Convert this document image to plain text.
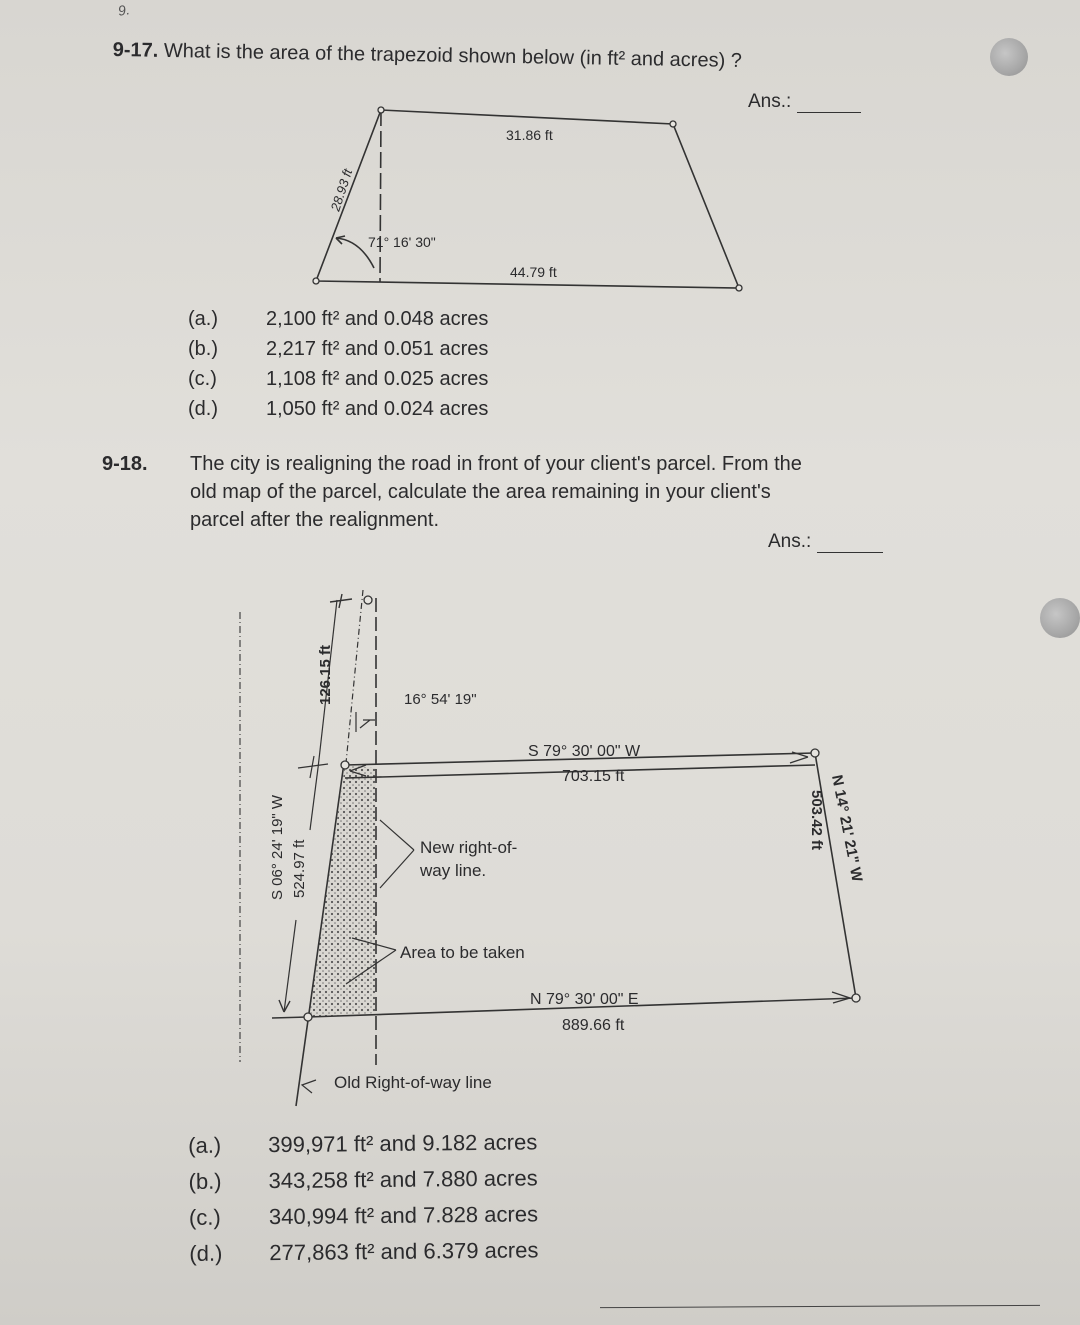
9.
9-17. What is the area of the trapezoid shown below (in ft² and acres) ?
Ans.:
31.86 ft
44.79 ft
28.93 ft
71° 16' 30"
(a.) 2,100 ft² and 0.048 acres
(b.) 2,217 ft² and 0.051 acres
(c.) 1,108 ft² and 0.025 acres
(d.) 1,050 ft² and 0.024 acres
9-18. The city is realigning the road in front of your client's parcel. From the
old map of the parcel, calculate the area remaining in your client's
parcel after the realignment.
Ans.:
126.15 ft	16° 54' 19"
S 79° 30' 00" W
703.15 ft
S 06° 24' 19" W 524.97 ft	New right-of-
way line.
Area to be taken
N 79° 30' 00" E
889.66 ft
N 14° 21' 21" W
503.42 ft
Old Right-of-way line
(a.) 399,971 ft² and 9.182 acres
(b.) 343,258 ft² and 7.880 acres
(c.) 340,994 ft² and 7.828 acres
(d.) 277,863 ft² and 6.379 acres
